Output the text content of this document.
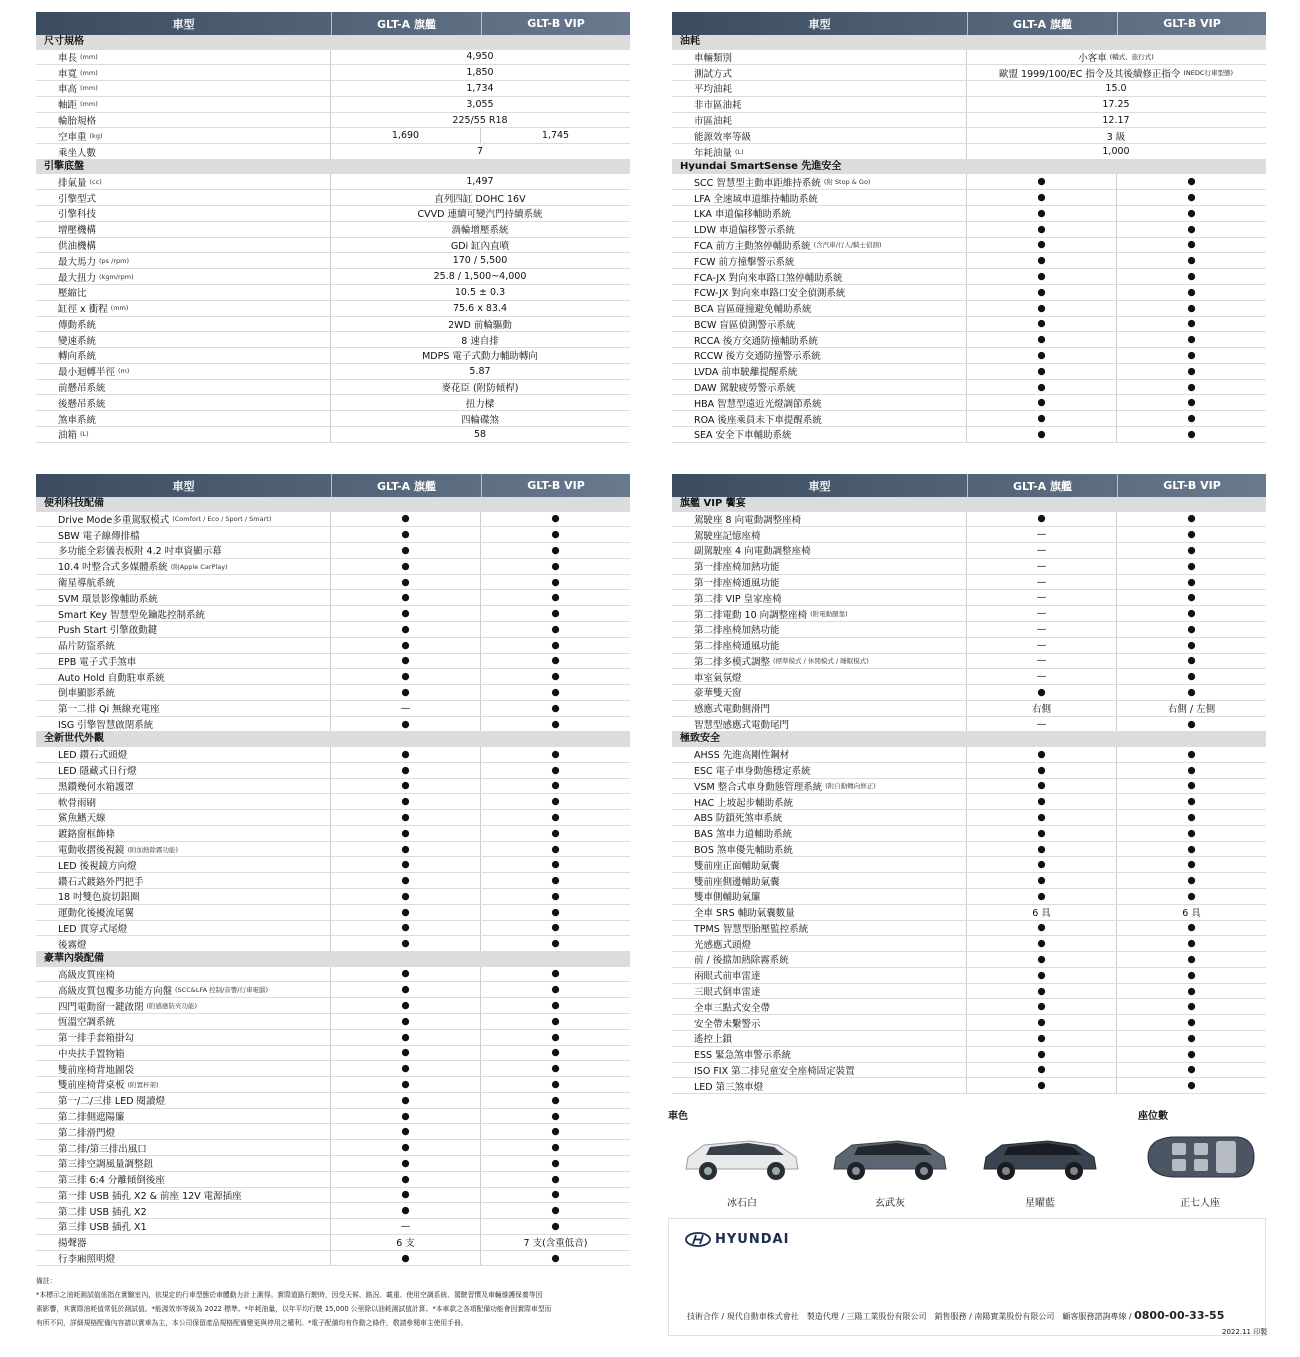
車型	GLT-A 旗艦	GLT-B VIP
尺寸規格
車長 (mm)	4,950
車寬 (mm)	1,850
車高 (mm)	1,734
軸距 (mm)	3,055
輪胎規格	225/55 R18
空車重 (kg)	1,690	1,745
乘坐人數	7
引擎底盤
排氣量 (cc)	1,497
引擎型式	直列四缸 DOHC 16V
引擎科技	CVVD 連續可變汽門持續系統
增壓機構	渦輪增壓系統
供油機構	GDi 缸內直噴
最大馬力 (ps /rpm)	170 / 5,500
最大扭力 (kgm/rpm)	25.8 / 1,500~4,000
壓縮比	10.5 ± 0.3
缸徑 x 衝程 (mm)	75.6 x 83.4
傳動系統	2WD 前輪驅動
變速系統	8 速自排
轉向系統	MDPS 電子式動力輔助轉向
最小迴轉半徑 (m)	5.87
前懸吊系統	麥花臣 (附防傾桿)
後懸吊系統	扭力樑
煞車系統	四輪碟煞
油箱 (L)	58
車型	GLT-A 旗艦	GLT-B VIP
油耗
車輛類別	小客車 (轎式、旅行式)
測試方式	歐盟 1999/100/EC 指令及其後續修正指令 (NEDC行車型態)
平均油耗	15.0
非市區油耗	17.25
市區油耗	12.17
能源效率等級	3 級
年耗油量 (L)	1,000
Hyundai SmartSense 先進安全
SCC 智慧型主動車距維持系統 (附 Stop & Go)	●	●
LFA 全速域車道維持輔助系統	●	●
LKA 車道偏移輔助系統	●	●
LDW 車道偏移警示系統	●	●
FCA 前方主動煞停輔助系統 (含汽車/行人/騎士偵測)	●	●
FCW 前方撞擊警示系統	●	●
FCA-JX 對向來車路口煞停輔助系統	●	●
FCW-JX 對向來車路口安全偵測系統	●	●
BCA 盲區碰撞避免輔助系統	●	●
BCW 盲區偵測警示系統	●	●
RCCA 後方交通防撞輔助系統	●	●
RCCW 後方交通防撞警示系統	●	●
LVDA 前車駛離提醒系統	●	●
DAW 駕駛疲勞警示系統	●	●
HBA 智慧型遠近光燈調節系統	●	●
ROA 後座乘員未下車提醒系統	●	●
SEA 安全下車輔助系統	●	●
車型	GLT-A 旗艦	GLT-B VIP
便利科技配備
Drive Mode多重駕馭模式 (Comfort / Eco / Sport / Smart)	●	●
SBW 電子線傳排檔	●	●
多功能全彩儀表板附 4.2 吋車資顯示幕	●	●
10.4 吋整合式多媒體系統 (附Apple CarPlay)	●	●
衛星導航系統	●	●
SVM 環景影像輔助系統	●	●
Smart Key 智慧型免鑰匙控制系統	●	●
Push Start 引擎啟動鍵	●	●
晶片防盜系統	●	●
EPB 電子式手煞車	●	●
Auto Hold 自動駐車系統	●	●
倒車顯影系統	●	●
第一二排 Qi 無線充電座	—	●
ISG 引擎智慧啟閉系統	●	●
全新世代外觀
LED 鑽石式頭燈	●	●
LED 隱藏式日行燈	●	●
黑鑽幾何水箱護罩	●	●
軟骨雨刷	●	●
鯊魚鰭天線	●	●
鍍鉻窗框飾條	●	●
電動收摺後視鏡 (附加熱除霧功能)	●	●
LED 後視鏡方向燈	●	●
鑽石式鍍鉻外門把手	●	●
18 吋雙色旋切鋁圈	●	●
運動化後擾流尾翼	●	●
LED 貫穿式尾燈	●	●
後霧燈	●	●
豪華內裝配備
高級皮質座椅	●	●
高級皮質包覆多功能方向盤 (SCC&LFA 控制/音響/行車電腦)	●	●
四門電動窗一鍵啟閉 (附感應防夾功能)	●	●
恆溫空調系統	●	●
第一排手套箱掛勾	●	●
中央扶手置物箱	●	●
雙前座椅背地圖袋	●	●
雙前座椅背桌板 (附置杯架)	●	●
第一/二/三排 LED 閱讀燈	●	●
第二排側遮陽簾	●	●
第二排滑門燈	●	●
第二排/第三排出風口	●	●
第三排空調風量調整鈕	●	●
第三排 6:4 分離傾倒後座	●	●
第一排 USB 插孔 X2 & 前座 12V 電源插座	●	●
第二排 USB 插孔 X2	●	●
第三排 USB 插孔 X1	—	●
揚聲器	6 支	7 支(含重低音)
行李廂照明燈	●	●
車型	GLT-A 旗艦	GLT-B VIP
旗艦 VIP 饗宴
駕駛座 8 向電動調整座椅	●	●
駕駛座記憶座椅	—	●
副駕駛座 4 向電動調整座椅	—	●
第一排座椅加熱功能	—	●
第一排座椅通風功能	—	●
第二排 VIP 皇家座椅	—	●
第二排電動 10 向調整座椅 (附電動腿靠)	—	●
第二排座椅加熱功能	—	●
第二排座椅通風功能	—	●
第二排多模式調整 (標準模式 / 休閒模式 / 睡眠模式)	—	●
車室氣氛燈	—	●
豪華雙天窗	●	●
感應式電動側滑門	右側	右側 / 左側
智慧型感應式電動尾門	—	●
極致安全
AHSS 先進高剛性鋼材	●	●
ESC 電子車身動態穩定系統	●	●
VSM 整合式車身動態管理系統 (附自動轉向修正)	●	●
HAC 上坡起步輔助系統	●	●
ABS 防鎖死煞車系統	●	●
BAS 煞車力道輔助系統	●	●
BOS 煞車優先輔助系統	●	●
雙前座正面輔助氣囊	●	●
雙前座側邊輔助氣囊	●	●
雙車側輔助氣簾	●	●
全車 SRS 輔助氣囊數量	6 具	6 具
TPMS 智慧型胎壓監控系統	●	●
光感應式頭燈	●	●
前 / 後擋加熱除霧系統	●	●
兩眼式前車雷達	●	●
三眼式倒車雷達	●	●
全車三點式安全帶	●	●
安全帶未繫警示	●	●
遙控上鎖	●	●
ESS 緊急煞車警示系統	●	●
ISO FIX 第二排兒童安全座椅固定裝置	●	●
LED 第三煞車燈	●	●
備註：
*本標示之油耗測試值係指在實驗室內，依規定的行車型態於車體動力計上測得。實際道路行駛時，因受天候、路況、載重、使用空調系統、駕駛習慣及車輛維護保養等因
素影響，其實際油耗值常低於測試值。*能源效率等級為 2022 標準。*年耗油量，以年平均行駛 15,000 公里除以油耗測試值計算。*本車款之各項配備功能會因實際車型而
有所不同，詳細規格配備內容請以實車為主，本公司保留產品規格配備變更與停用之權利。*電子配備均有作動之條件，敬請參閱車主使用手冊。
車色	座位數
冰石白	玄武灰	星曜藍	正七人座
HYUNDAI
技術合作 / 現代自動車株式會社　製造代理 / 三陽工業股份有限公司　銷售服務 / 南陽實業股份有限公司　顧客服務諮詢專線 / 0800-00-33-55
2022.11 印製
